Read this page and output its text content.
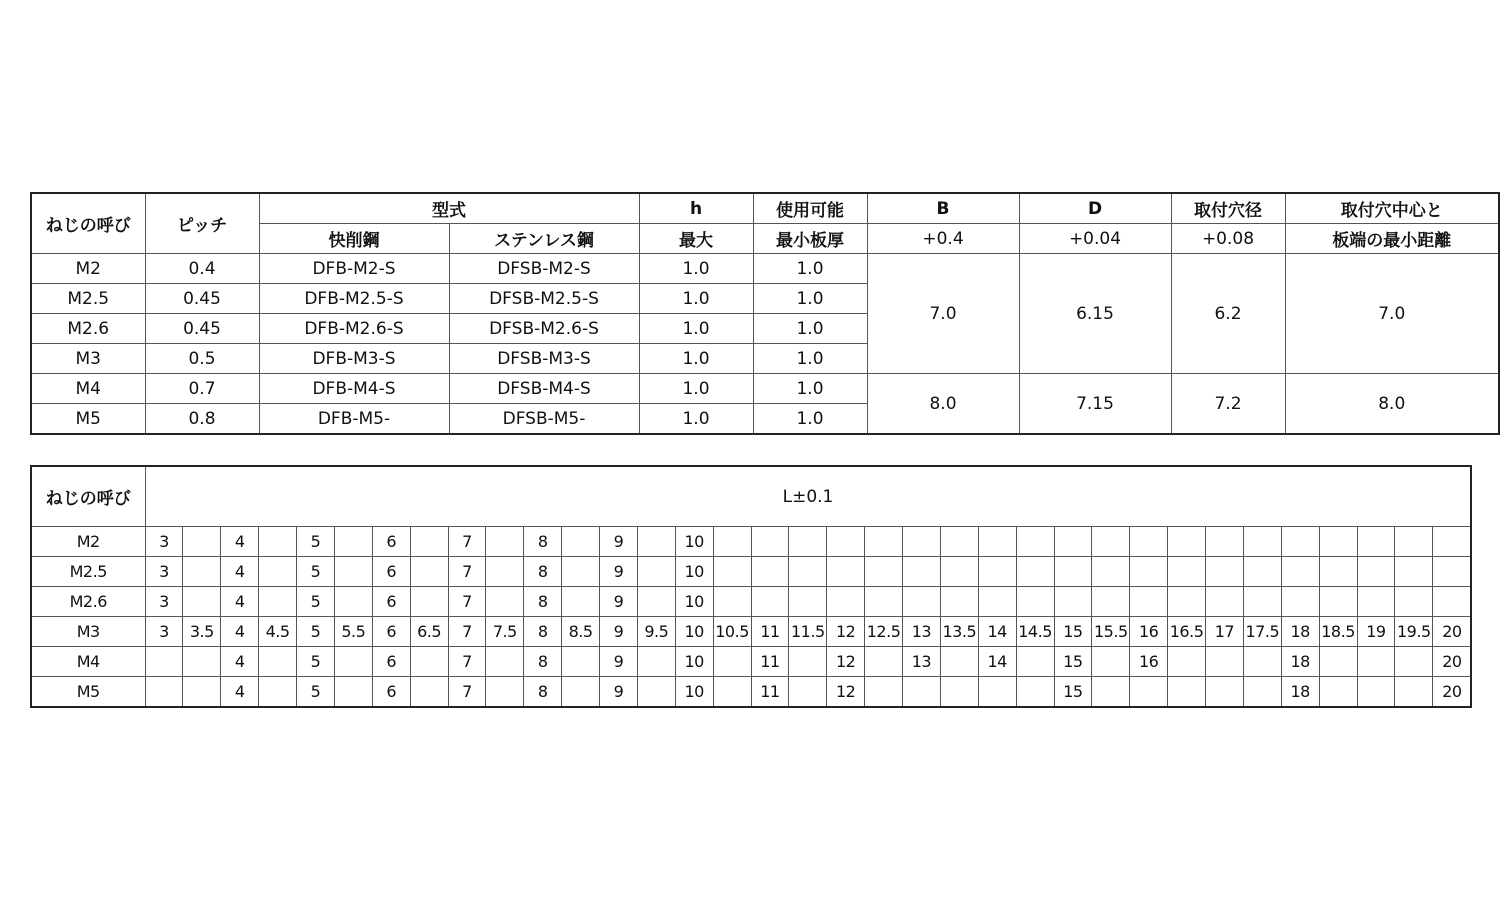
ねじの呼び	ピッチ	型式		h	使用可能	B	D	取付穴径	取付穴中心と
		快削鋼	ステンレス鋼	最大	最小板厚	+0.4	+0.04	+0.08	板端の最小距離
M2	0.4	DFB-M2-S	DFSB-M2-S	1.0	1.0	7.0	6.15	6.2	7.0
M2.5	0.45	DFB-M2.5-S	DFSB-M2.5-S	1.0	1.0				
M2.6	0.45	DFB-M2.6-S	DFSB-M2.6-S	1.0	1.0				
M3	0.5	DFB-M3-S	DFSB-M3-S	1.0	1.0				
M4	0.7	DFB-M4-S	DFSB-M4-S	1.0	1.0	8.0	7.15	7.2	8.0
M5	0.8	DFB-M5-	DFSB-M5-	1.0	1.0				
ねじの呼び	L±0.1																																			
M2	3		4		5		6		7		8		9		10																					
M2.5	3		4		5		6		7		8		9		10																					
M2.6	3		4		5		6		7		8		9		10																					
M3	3	3.5	4	4.5	5	5.5	6	6.5	7	7.5	8	8.5	9	9.5	10	10.5	11	11.5	12	12.5	13	13.5	14	14.5	15	15.5	16	16.5	17	17.5	18	18.5	19	19.5	20	
M4			4		5		6		7		8		9		10		11		12		13		14		15		16				18				20	
M5			4		5		6		7		8		9		10		11		12						15						18				20	
